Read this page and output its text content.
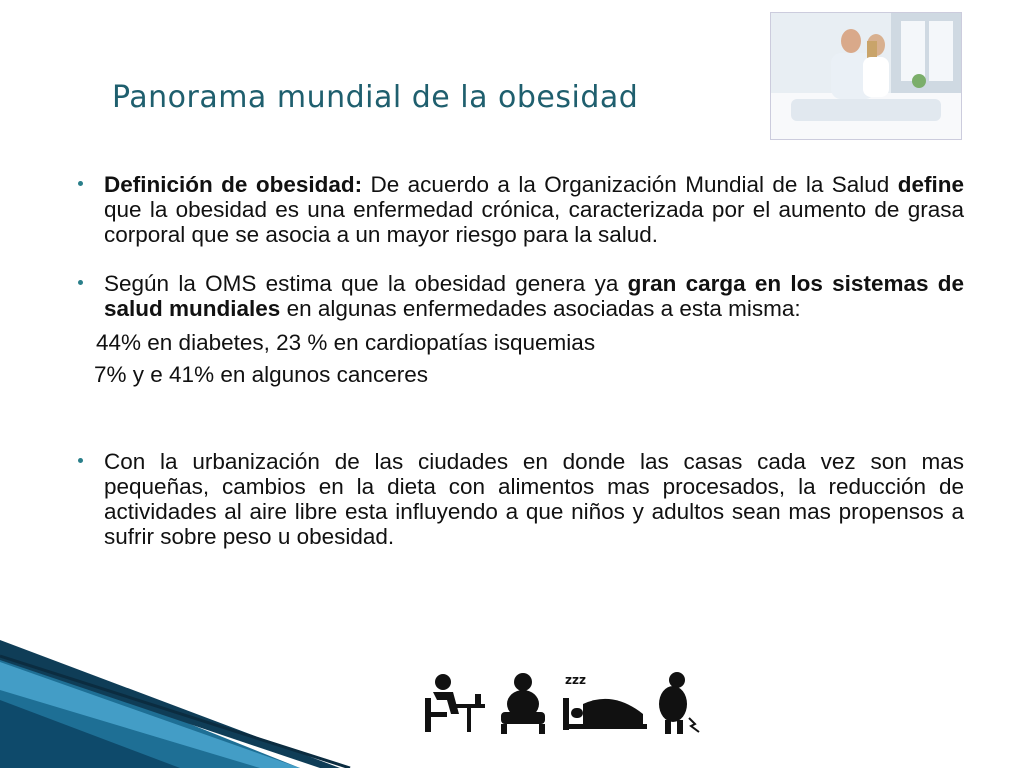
Panorama mundial de la obesidad

Definición de obesidad: De acuerdo a la Organización Mundial de la Salud define que la obesidad es una enfermedad crónica, caracterizada por el aumento de grasa corporal que se asocia a un mayor riesgo para la salud.

Según la OMS estima que la obesidad genera ya gran carga en los sistemas de salud mundiales en algunas enfermedades asociadas a esta misma:

44% en diabetes, 23 % en cardiopatías isquemias
7% y e 41% en algunos canceres

Con la urbanización de las ciudades en donde las casas cada vez son mas pequeñas, cambios en la dieta con alimentos mas procesados, la reducción de actividades al aire libre esta influyendo a que niños y adultos sean mas propensos a sufrir sobre peso u obesidad.

zzz
